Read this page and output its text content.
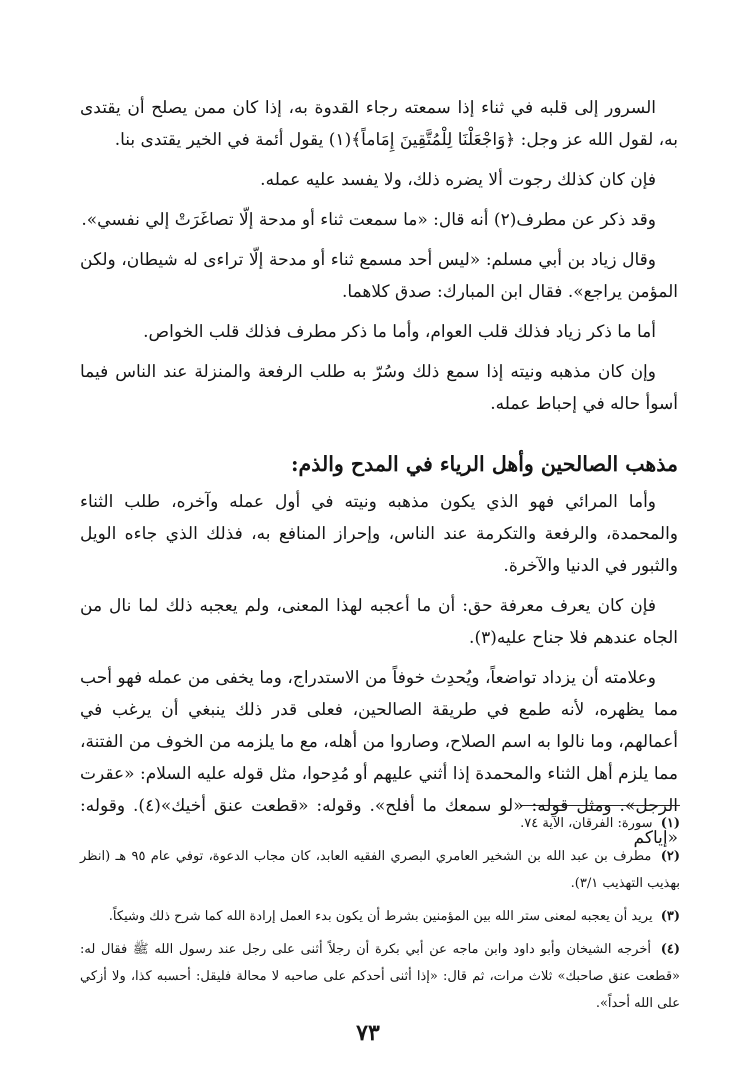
السرور إلى قلبه في ثناء إذا سمعته رجاء القدوة به، إذا كان ممن يصلح أن يقتدى به، لقول الله عز وجل: ﴿وَاجْعَلْنَا لِلْمُتَّقِينَ إِمَاماً﴾(١) يقول أئمة في الخير يقتدى بنا.

فإن كان كذلك رجوت ألا يضره ذلك، ولا يفسد عليه عمله.

وقد ذكر عن مطرف(٢) أنه قال: «ما سمعت ثناء أو مدحة إلّا تصاغَرَتْ إلي نفسي».

وقال زياد بن أبي مسلم: «ليس أحد مسمع ثناء أو مدحة إلّا تراءى له شيطان، ولكن المؤمن يراجع». فقال ابن المبارك: صدق كلاهما.

أما ما ذكر زياد فذلك قلب العوام، وأما ما ذكر مطرف فذلك قلب الخواص.

وإن كان مذهبه ونيته إذا سمع ذلك وسُرّ به طلب الرفعة والمنزلة عند الناس فيما أسوأ حاله في إحباط عمله.

مذهب الصالحين وأهل الرياء في المدح والذم:

وأما المرائي فهو الذي يكون مذهبه ونيته في أول عمله وآخره، طلب الثناء والمحمدة، والرفعة والتكرمة عند الناس، وإحراز المنافع به، فذلك الذي جاءه الويل والثبور في الدنيا والآخرة.

فإن كان يعرف معرفة حق: أن ما أعجبه لهذا المعنى، ولم يعجبه ذلك لما نال من الجاه عندهم فلا جناح عليه(٣).

وعلامته أن يزداد تواضعاً، ويُحدِث خوفاً من الاستدراج، وما يخفى من عمله فهو أحب مما يظهره، لأنه طمع في طريقة الصالحين، فعلى قدر ذلك ينبغي أن يرغب في أعمالهم، وما نالوا به اسم الصلاح، وصاروا من أهله، مع ما يلزمه من الخوف من الفتنة، مما يلزم أهل الثناء والمحمدة إذا أثني عليهم أو مُدِحوا، مثل قوله عليه السلام: «عقرت الرجل». ومثل قوله: «لو سمعك ما أفلح». وقوله: «قطعت عنق أخيك»(٤). وقوله: «إياكم

(١) سورة: الفرقان، الآية ٧٤.
(٢) مطرف بن عبد الله بن الشخير العامري البصري الفقيه العابد، كان مجاب الدعوة، توفي عام ٩٥ هـ (انظر بهذيب التهذيب ٣/١).
(٣) يريد أن يعجبه لمعنى ستر الله بين المؤمنين بشرط أن يكون بدء العمل إرادة الله كما شرح ذلك وشيكاً.
(٤) أخرجه الشيخان وأبو داود وابن ماجه عن أبي بكرة أن رجلاً أثنى على رجل عند رسول الله ﷺ فقال له: «قطعت عنق صاحبك» ثلاث مرات، ثم قال: «إذا أثنى أحدكم على صاحبه لا محالة فليقل: أحسبه كذا، ولا أزكي على الله أحداً».
٧٣
